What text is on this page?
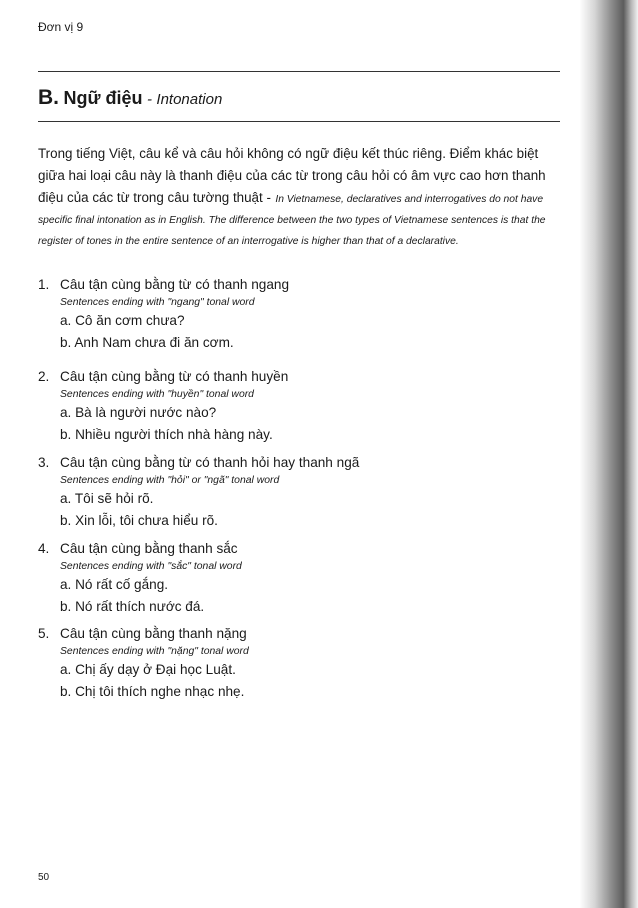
Đơn vị 9
B. Ngữ điệu - Intonation
Trong tiếng Việt, câu kể và câu hỏi không có ngữ điệu kết thúc riêng. Điểm khác biệt giữa hai loại câu này là thanh điệu của các từ trong câu hỏi có âm vực cao hơn thanh điệu của các từ trong câu tường thuật - In Vietnamese, declaratives and interrogatives do not have specific final intonation as in English. The difference between the two types of Vietnamese sentences is that the register of tones in the entire sentence of an interrogative is higher than that of a declarative.
1. Câu tận cùng bằng từ có thanh ngang
Sentences ending with "ngang" tonal word
a. Cô ăn cơm chưa?
b. Anh Nam chưa đi ăn cơm.
2. Câu tận cùng bằng từ có thanh huyền
Sentences ending with "huyền" tonal word
a. Bà là người nước nào?
b. Nhiều người thích nhà hàng này.
3. Câu tận cùng bằng từ có thanh hỏi hay thanh ngã
Sentences ending with "hỏi" or "ngã" tonal word
a. Tôi sẽ hỏi rõ.
b. Xin lỗi, tôi chưa hiểu rõ.
4. Câu tận cùng bằng thanh sắc
Sentences ending with "sắc" tonal word
a. Nó rất cố gắng.
b. Nó rất thích nước đá.
5. Câu tận cùng bằng thanh nặng
Sentences ending with "nặng" tonal word
a. Chị ấy dạy ở Đại học Luật.
b. Chị tôi thích nghe nhạc nhẹ.
50
